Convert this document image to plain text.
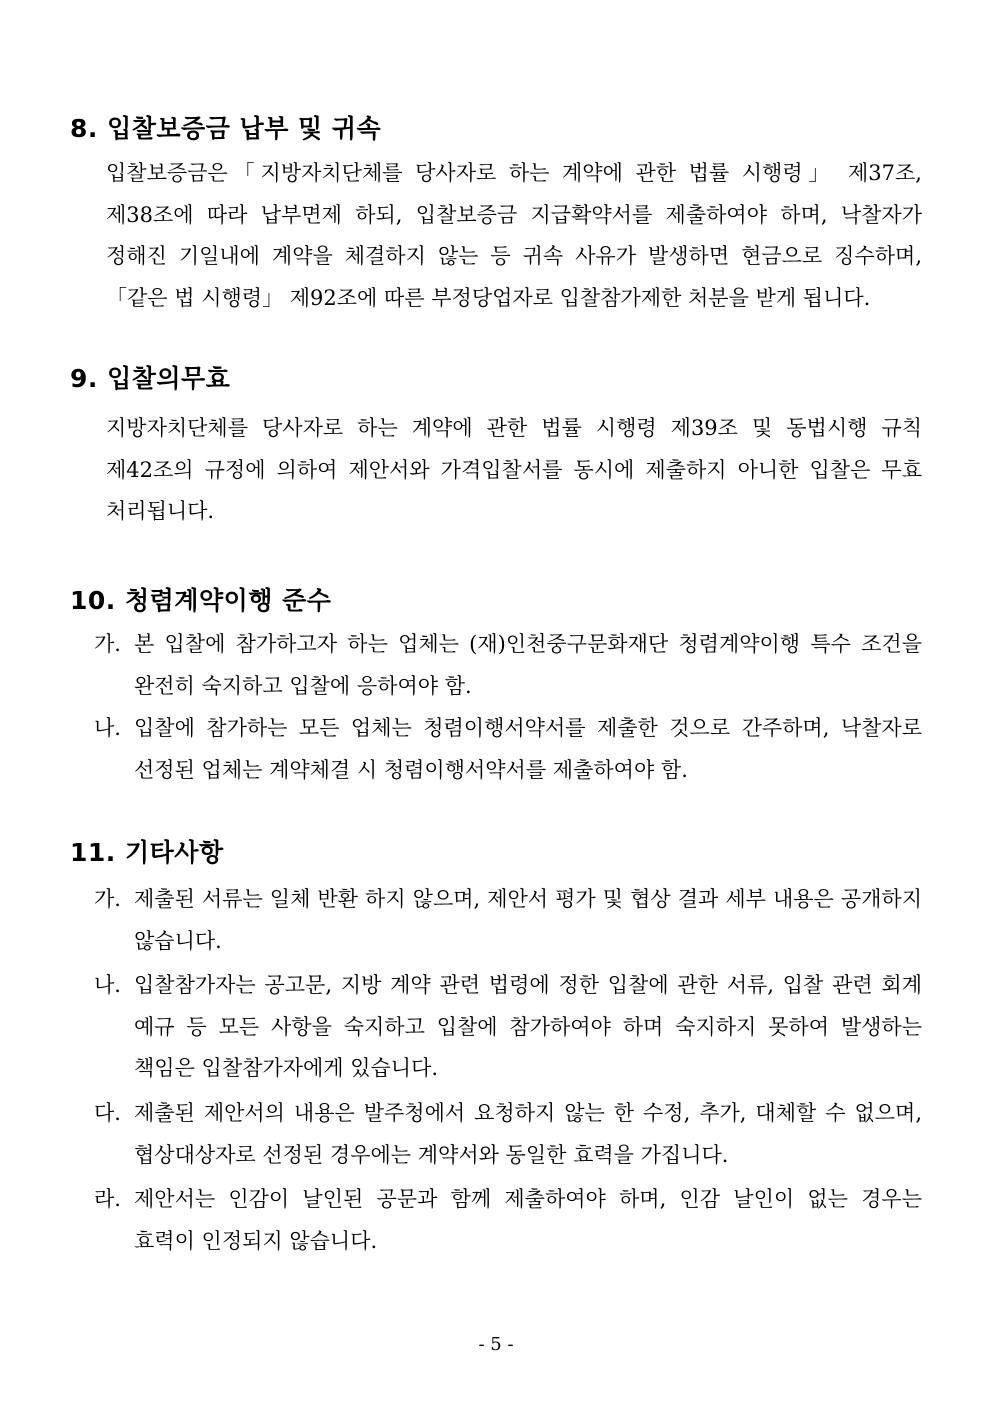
8. 입찰보증금 납부 및 귀속
입찰보증금은「지방자치단체를 당사자로 하는 계약에 관한 법률 시행령」 제37조, 제38조에 따라 납부면제 하되, 입찰보증금 지급확약서를 제출하여야 하며, 낙찰자가 정해진 기일내에 계약을 체결하지 않는 등 귀속 사유가 발생하면 현금으로 징수하며, 「같은 법 시행령」 제92조에 따른 부정당업자로 입찰참가제한 처분을 받게 됩니다.
9. 입찰의무효
지방자치단체를 당사자로 하는 계약에 관한 법률 시행령 제39조 및 동법시행 규칙 제42조의 규정에 의하여 제안서와 가격입찰서를 동시에 제출하지 아니한 입찰은 무효 처리됩니다.
10. 청렴계약이행 준수
가. 본 입찰에 참가하고자 하는 업체는 (재)인천중구문화재단 청렴계약이행 특수 조건을 완전히 숙지하고 입찰에 응하여야 함.
나. 입찰에 참가하는 모든 업체는 청렴이행서약서를 제출한 것으로 간주하며, 낙찰자로 선정된 업체는 계약체결 시 청렴이행서약서를 제출하여야 함.
11. 기타사항
가. 제출된 서류는 일체 반환 하지 않으며, 제안서 평가 및 협상 결과 세부 내용은 공개하지 않습니다.
나. 입찰참가자는 공고문, 지방 계약 관련 법령에 정한 입찰에 관한 서류, 입찰 관련 회계 예규 등 모든 사항을 숙지하고 입찰에 참가하여야 하며 숙지하지 못하여 발생하는 책임은 입찰참가자에게 있습니다.
다. 제출된 제안서의 내용은 발주청에서 요청하지 않는 한 수정, 추가, 대체할 수 없으며, 협상대상자로 선정된 경우에는 계약서와 동일한 효력을 가집니다.
라. 제안서는 인감이 날인된 공문과 함께 제출하여야 하며, 인감 날인이 없는 경우는 효력이 인정되지 않습니다.
- 5 -
